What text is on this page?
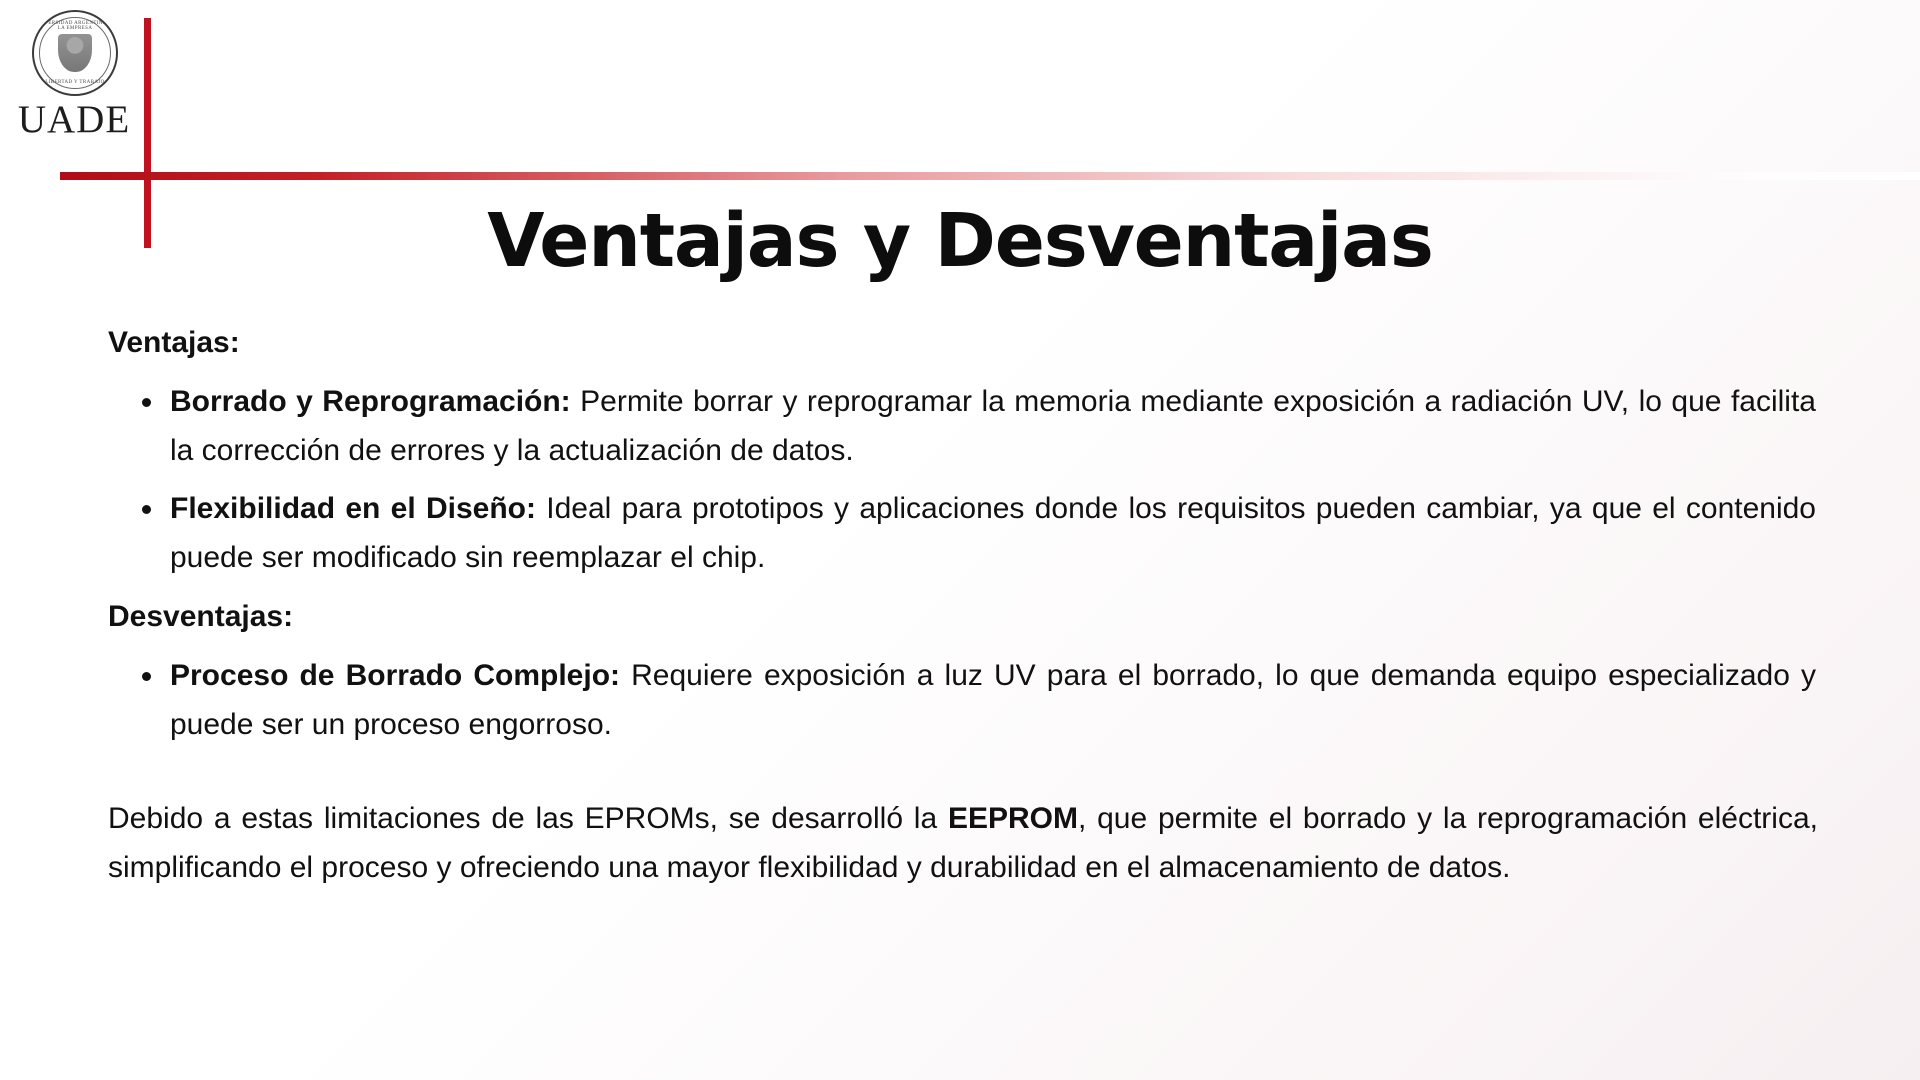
UNIVERSIDAD ARGENTINA DE LA EMPRESA
LIBERTAD Y TRABAJO
UADE
Ventajas y Desventajas

Ventajas:

Borrado y Reprogramación: Permite borrar y reprogramar la memoria mediante exposición a radiación UV, lo que facilita la corrección de errores y la actualización de datos.
Flexibilidad en el Diseño: Ideal para prototipos y aplicaciones donde los requisitos pueden cambiar, ya que el contenido puede ser modificado sin reemplazar el chip.

Desventajas:

Proceso de Borrado Complejo: Requiere exposición a luz UV para el borrado, lo que demanda equipo especializado y puede ser un proceso engorroso.

Debido a estas limitaciones de las EPROMs, se desarrolló la EEPROM, que permite el borrado y la reprogramación eléctrica, simplificando el proceso y ofreciendo una mayor flexibilidad y durabilidad en el almacenamiento de datos.
